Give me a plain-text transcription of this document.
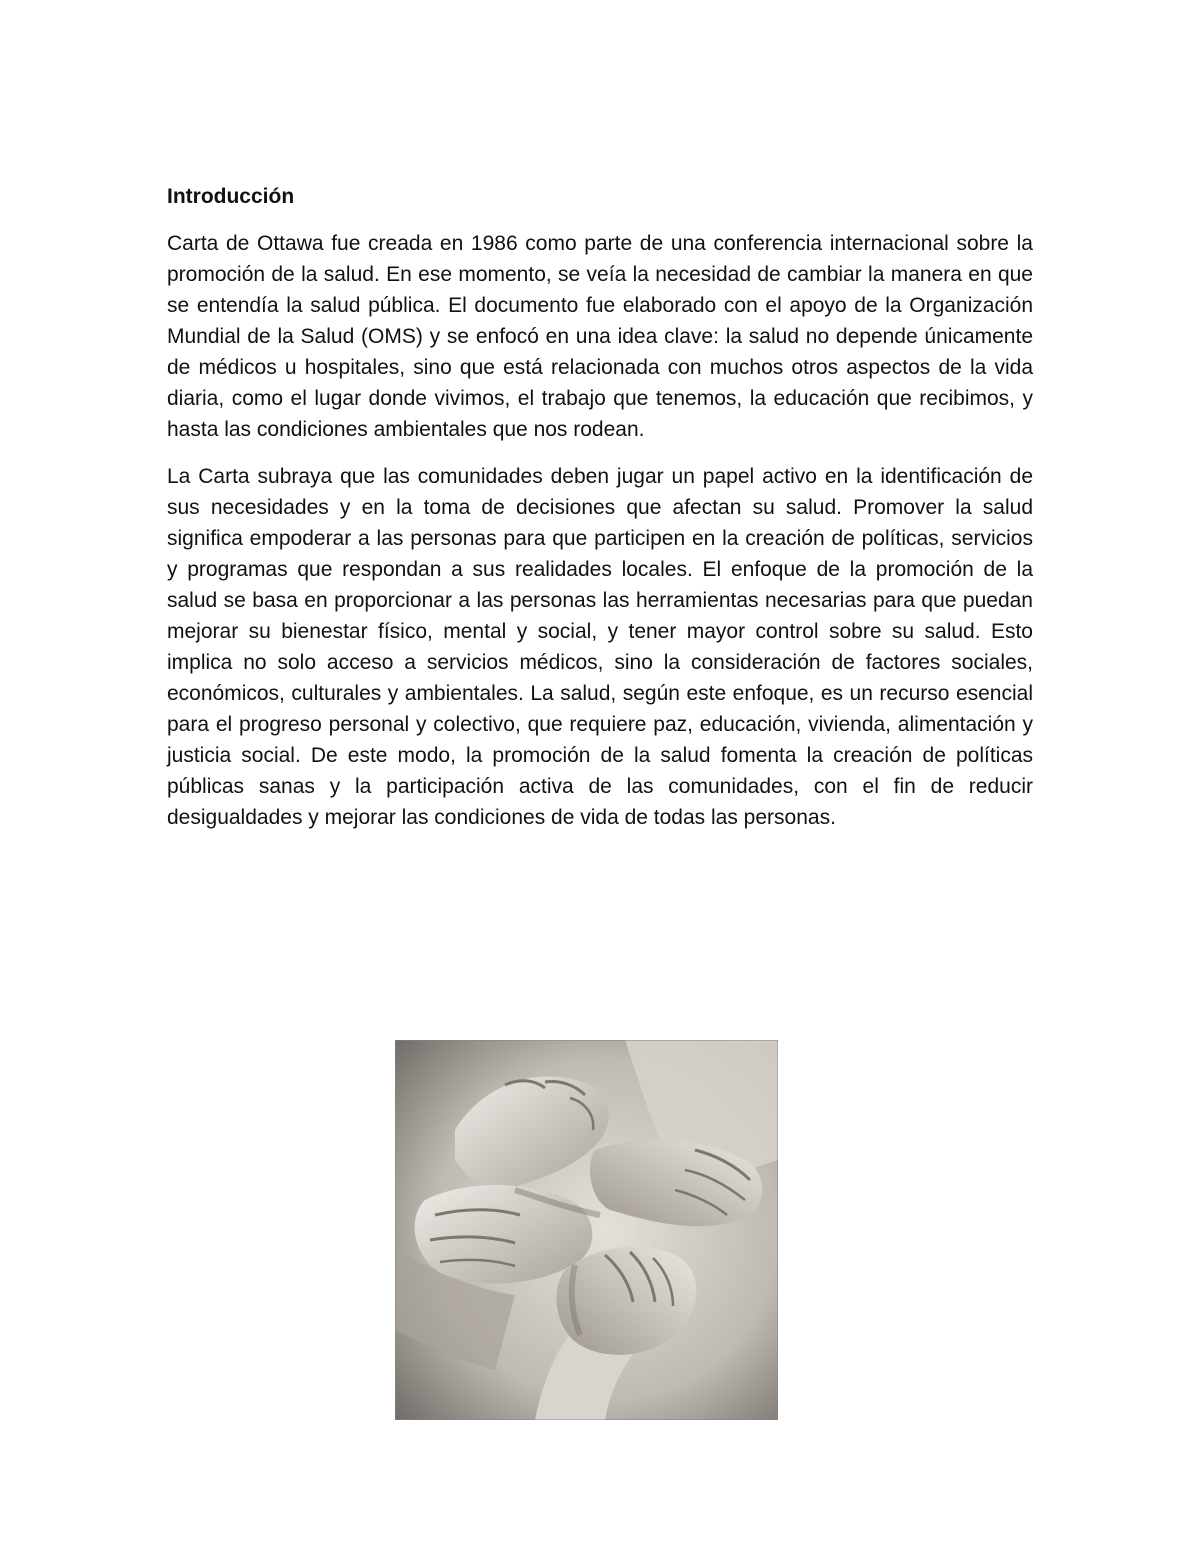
Introducción

Carta de Ottawa fue creada en 1986 como parte de una conferencia internacional sobre la promoción de la salud. En ese momento, se veía la necesidad de cambiar la manera en que se entendía la salud pública. El documento fue elaborado con el apoyo de la Organización Mundial de la Salud (OMS) y se enfocó en una idea clave: la salud no depende únicamente de médicos u hospitales, sino que está relacionada con muchos otros aspectos de la vida diaria, como el lugar donde vivimos, el trabajo que tenemos, la educación que recibimos, y hasta las condiciones ambientales que nos rodean.

La Carta subraya que las comunidades deben jugar un papel activo en la identificación de sus necesidades y en la toma de decisiones que afectan su salud. Promover la salud significa empoderar a las personas para que participen en la creación de políticas, servicios y programas que respondan a sus realidades locales. El enfoque de la promoción de la salud se basa en proporcionar a las personas las herramientas necesarias para que puedan mejorar su bienestar físico, mental y social, y tener mayor control sobre su salud. Esto implica no solo acceso a servicios médicos, sino la consideración de factores sociales, económicos, culturales y ambientales. La salud, según este enfoque, es un recurso esencial para el progreso personal y colectivo, que requiere paz, educación, vivienda, alimentación y justicia social. De este modo, la promoción de la salud fomenta la creación de políticas públicas sanas y la participación activa de las comunidades, con el fin de reducir desigualdades y mejorar las condiciones de vida de todas las personas.
